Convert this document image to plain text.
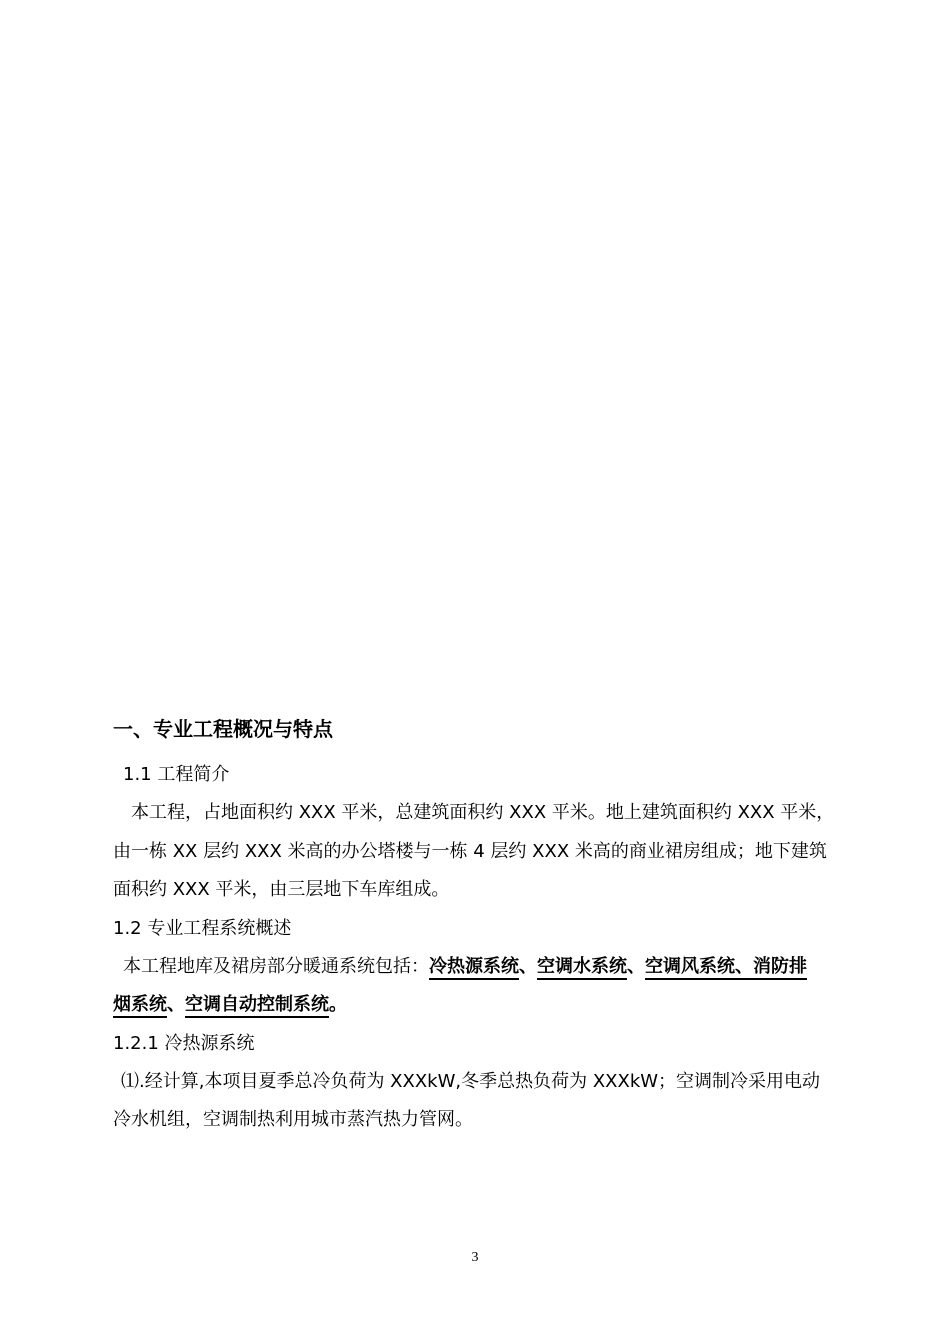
一、专业工程概况与特点
1.1 工程简介
本工程，占地面积约 XXX 平米，总建筑面积约 XXX 平米。地上建筑面积约 XXX 平米，
由一栋 XX 层约 XXX 米高的办公塔楼与一栋 4 层约 XXX 米高的商业裙房组成；地下建筑
面积约 XXX 平米，由三层地下车库组成。
1.2 专业工程系统概述
本工程地库及裙房部分暖通系统包括：冷热源系统、空调水系统、空调风系统、消防排
烟系统、空调自动控制系统。
1.2.1 冷热源系统
⑴.经计算,本项目夏季总冷负荷为 XXXkW,冬季总热负荷为 XXXkW；空调制冷采用电动
冷水机组，空调制热利用城市蒸汽热力管网。
3
